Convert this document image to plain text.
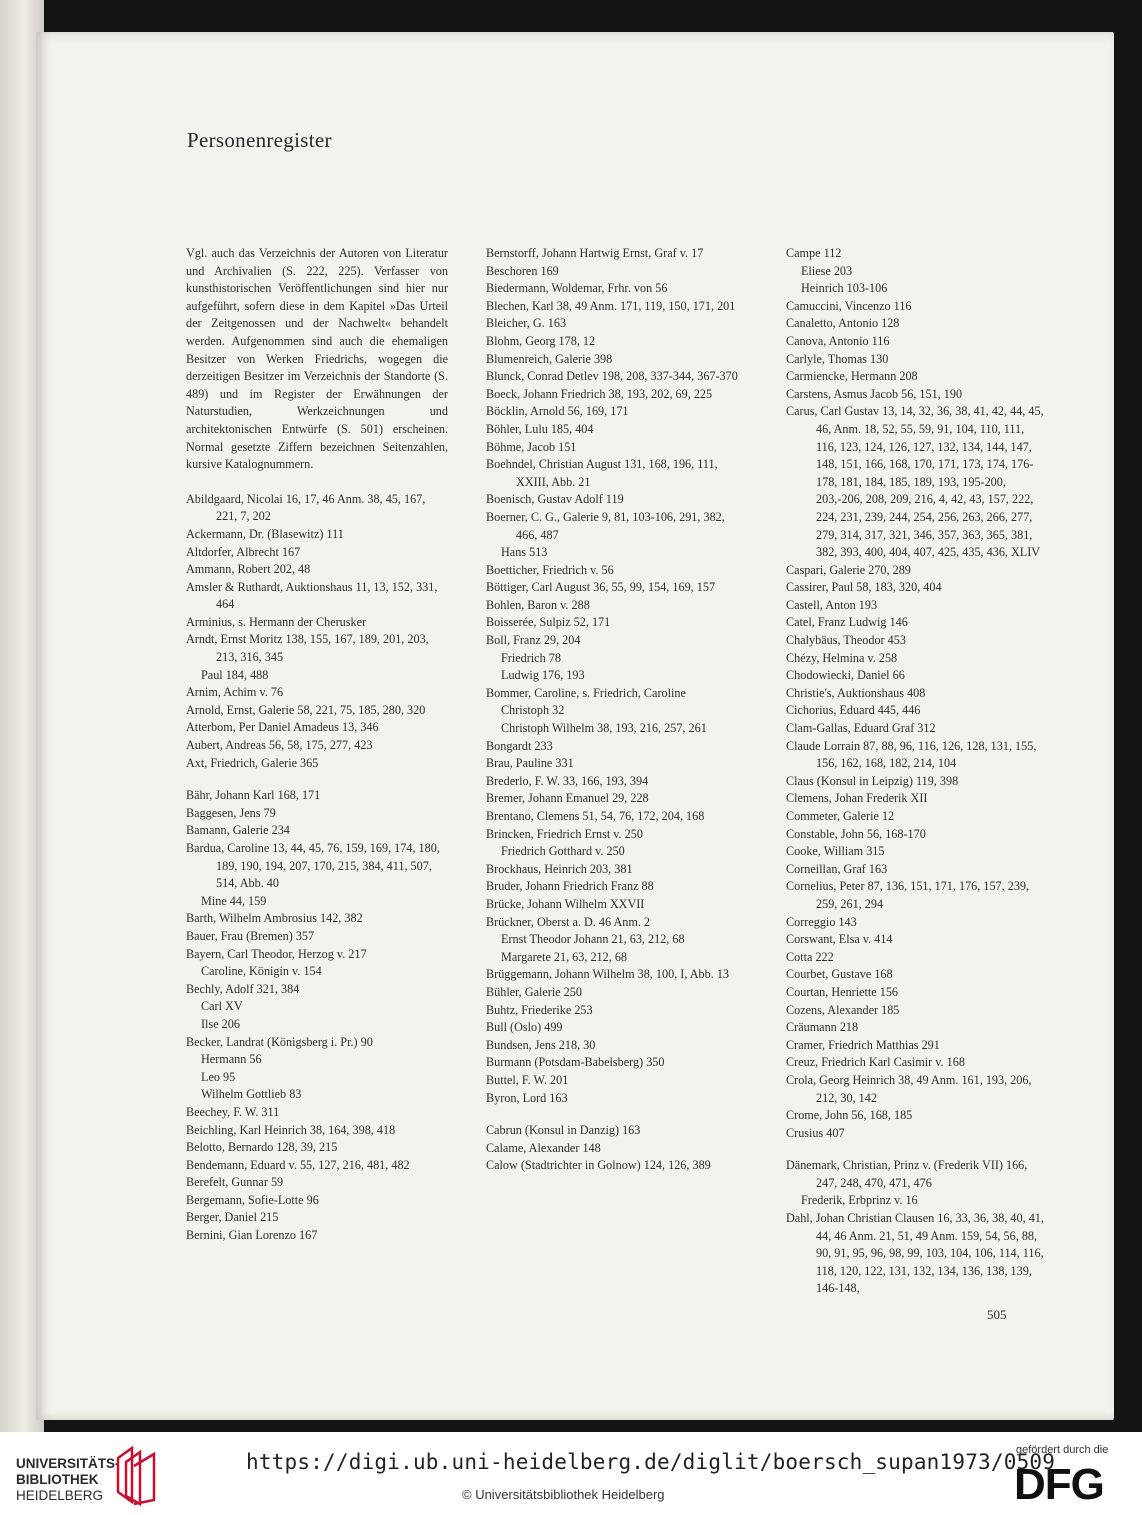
Personenregister
Vgl. auch das Verzeichnis der Autoren von Literatur und Archivalien (S. 222, 225). Verfasser von kunsthistorischen Veröffentlichungen sind hier nur aufgeführt, sofern diese in dem Kapitel »Das Urteil der Zeitgenossen und der Nachwelt« behandelt werden. Aufgenommen sind auch die ehemaligen Besitzer von Werken Friedrichs, wogegen die derzeitigen Besitzer im Verzeichnis der Standorte (S. 489) und im Register der Erwähnungen der Naturstudien, Werkzeichnungen und architektonischen Entwürfe (S. 501) erscheinen. Normal gesetzte Ziffern bezeichnen Seitenzahlen, kursive Katalognummern.
Abildgaard, Nicolai 16, 17, 46 Anm. 38, 45, 167, 221, 7, 202
Ackermann, Dr. (Blasewitz) 111
Altdorfer, Albrecht 167
Ammann, Robert 202, 48
Amsler & Ruthardt, Auktionshaus 11, 13, 152, 331, 464
Arminius, s. Hermann der Cherusker
Arndt, Ernst Moritz 138, 155, 167, 189, 201, 203, 213, 316, 345
Paul 184, 488
Arnim, Achim v. 76
Arnold, Ernst, Galerie 58, 221, 75, 185, 280, 320
Atterbom, Per Daniel Amadeus 13, 346
Aubert, Andreas 56, 58, 175, 277, 423
Axt, Friedrich, Galerie 365
Bähr, Johann Karl 168, 171
Baggesen, Jens 79
Bamann, Galerie 234
Bardua, Caroline 13, 44, 45, 76, 159, 169, 174, 180, 189, 190, 194, 207, 170, 215, 384, 411, 507, 514, Abb. 40
Mine 44, 159
Barth, Wilhelm Ambrosius 142, 382
Bauer, Frau (Bremen) 357
Bayern, Carl Theodor, Herzog v. 217
Caroline, Königin v. 154
Bechly, Adolf 321, 384
Carl XV
Ilse 206
Becker, Landrat (Königsberg i. Pr.) 90
Hermann 56
Leo 95
Wilhelm Gottlieb 83
Beechey, F. W. 311
Beichling, Karl Heinrich 38, 164, 398, 418
Belotto, Bernardo 128, 39, 215
Bendemann, Eduard v. 55, 127, 216, 481, 482
Berefelt, Gunnar 59
Bergemann, Sofie-Lotte 96
Berger, Daniel 215
Bernini, Gian Lorenzo 167
Bernstorff, Johann Hartwig Ernst, Graf v. 17
Beschoren 169
Biedermann, Woldemar, Frhr. von 56
Blechen, Karl 38, 49 Anm. 171, 119, 150, 171, 201
Bleicher, G. 163
Blohm, Georg 178, 12
Blumenreich, Galerie 398
Blunck, Conrad Detlev 198, 208, 337-344, 367-370
Boeck, Johann Friedrich 38, 193, 202, 69, 225
Böcklin, Arnold 56, 169, 171
Böhler, Lulu 185, 404
Böhme, Jacob 151
Boehndel, Christian August 131, 168, 196, 111, XXIII, Abb. 21
Boenisch, Gustav Adolf 119
Boerner, C. G., Galerie 9, 81, 103-106, 291, 382, 466, 487
Hans 513
Boetticher, Friedrich v. 56
Böttiger, Carl August 36, 55, 99, 154, 169, 157
Bohlen, Baron v. 288
Boisserée, Sulpiz 52, 171
Boll, Franz 29, 204
Friedrich 78
Ludwig 176, 193
Bommer, Caroline, s. Friedrich, Caroline
Christoph 32
Christoph Wilhelm 38, 193, 216, 257, 261
Bongardt 233
Brau, Pauline 331
Brederlo, F. W. 33, 166, 193, 394
Bremer, Johann Emanuel 29, 228
Brentano, Clemens 51, 54, 76, 172, 204, 168
Brincken, Friedrich Ernst v. 250
Friedrich Gotthard v. 250
Brockhaus, Heinrich 203, 381
Bruder, Johann Friedrich Franz 88
Brücke, Johann Wilhelm XXVII
Brückner, Oberst a. D. 46 Anm. 2
Ernst Theodor Johann 21, 63, 212, 68
Margarete 21, 63, 212, 68
Brüggemann, Johann Wilhelm 38, 100, I, Abb. 13
Bühler, Galerie 250
Buhtz, Friederike 253
Bull (Oslo) 499
Bundsen, Jens 218, 30
Burmann (Potsdam-Babelsberg) 350
Buttel, F. W. 201
Byron, Lord 163
Cabrun (Konsul in Danzig) 163
Calame, Alexander 148
Calow (Stadtrichter in Golnow) 124, 126, 389
Campe 112
Eliese 203
Heinrich 103-106
Camuccini, Vincenzo 116
Canaletto, Antonio 128
Canova, Antonio 116
Carlyle, Thomas 130
Carmiencke, Hermann 208
Carstens, Asmus Jacob 56, 151, 190
Carus, Carl Gustav 13, 14, 32, 36, 38, 41, 42, 44, 45, 46, Anm. 18, 52, 55, 59, 91, 104, 110, 111, 116, 123, 124, 126, 127, 132, 134, 144, 147, 148, 151, 166, 168, 170, 171, 173, 174, 176-178, 181, 184, 185, 189, 193, 195-200, 203,-206, 208, 209, 216, 4, 42, 43, 157, 222, 224, 231, 239, 244, 254, 256, 263, 266, 277, 279, 314, 317, 321, 346, 357, 363, 365, 381, 382, 393, 400, 404, 407, 425, 435, 436, XLIV
Caspari, Galerie 270, 289
Cassirer, Paul 58, 183, 320, 404
Castell, Anton 193
Catel, Franz Ludwig 146
Chalybäus, Theodor 453
Chézy, Helmina v. 258
Chodowiecki, Daniel 66
Christie's, Auktionshaus 408
Cichorius, Eduard 445, 446
Clam-Gallas, Eduard Graf 312
Claude Lorrain 87, 88, 96, 116, 126, 128, 131, 155, 156, 162, 168, 182, 214, 104
Claus (Konsul in Leipzig) 119, 398
Clemens, Johan Frederik XII
Commeter, Galerie 12
Constable, John 56, 168-170
Cooke, William 315
Corneillan, Graf 163
Cornelius, Peter 87, 136, 151, 171, 176, 157, 239, 259, 261, 294
Correggio 143
Corswant, Elsa v. 414
Cotta 222
Courbet, Gustave 168
Courtan, Henriette 156
Cozens, Alexander 185
Cräumann 218
Cramer, Friedrich Matthias 291
Creuz, Friedrich Karl Casimir v. 168
Crola, Georg Heinrich 38, 49 Anm. 161, 193, 206, 212, 30, 142
Crome, John 56, 168, 185
Crusius 407
Dänemark, Christian, Prinz v. (Frederik VII) 166, 247, 248, 470, 471, 476
Frederik, Erbprinz v. 16
Dahl, Johan Christian Clausen 16, 33, 36, 38, 40, 41, 44, 46 Anm. 21, 51, 49 Anm. 159, 54, 56, 88, 90, 91, 95, 96, 98, 99, 103, 104, 106, 114, 116, 118, 120, 122, 131, 132, 134, 136, 138, 139, 146-148,
505
UNIVERSITÄTS-
BIBLIOTHEK
HEIDELBERG
https://digi.ub.uni-heidelberg.de/diglit/boersch_supan1973/0509
© Universitätsbibliothek Heidelberg
gefördert durch die
DFG
